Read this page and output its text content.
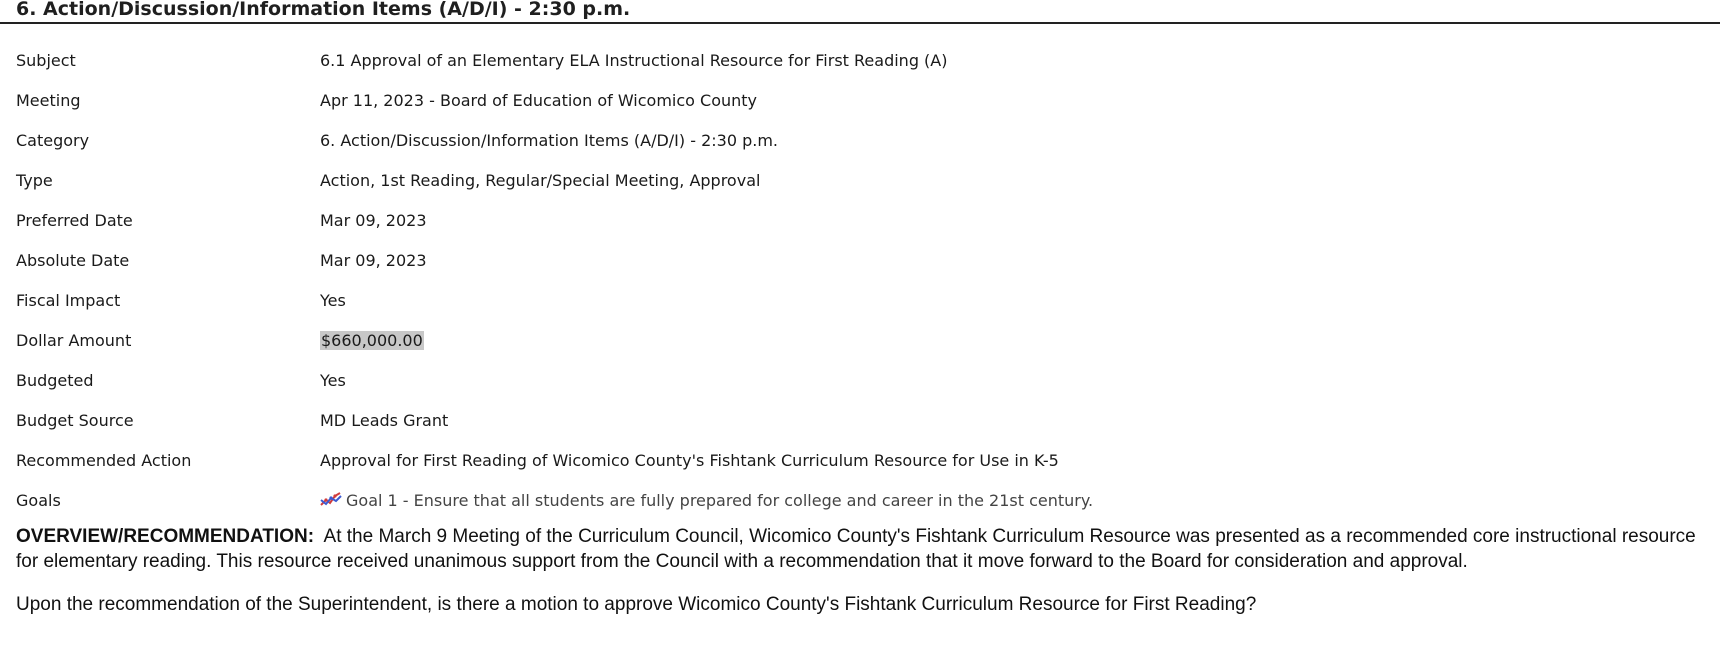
6. Action/Discussion/Information Items (A/D/I) - 2:30 p.m.
Subject	6.1 Approval of an Elementary ELA Instructional Resource for First Reading (A)
Meeting	Apr 11, 2023 - Board of Education of Wicomico County
Category	6. Action/Discussion/Information Items (A/D/I) - 2:30 p.m.
Type	Action, 1st Reading, Regular/Special Meeting, Approval
Preferred Date	Mar 09, 2023
Absolute Date	Mar 09, 2023
Fiscal Impact	Yes
Dollar Amount	$660,000.00
Budgeted	Yes
Budget Source	MD Leads Grant
Recommended Action	Approval for First Reading of Wicomico County's Fishtank Curriculum Resource for Use in K-5
Goals	Goal 1 - Ensure that all students are fully prepared for college and career in the 21st century.
OVERVIEW/RECOMMENDATION: At the March 9 Meeting of the Curriculum Council, Wicomico County's Fishtank Curriculum Resource was presented as a recommended core instructional resource for elementary reading. This resource received unanimous support from the Council with a recommendation that it move forward to the Board for consideration and approval.
Upon the recommendation of the Superintendent, is there a motion to approve Wicomico County's Fishtank Curriculum Resource for First Reading?
